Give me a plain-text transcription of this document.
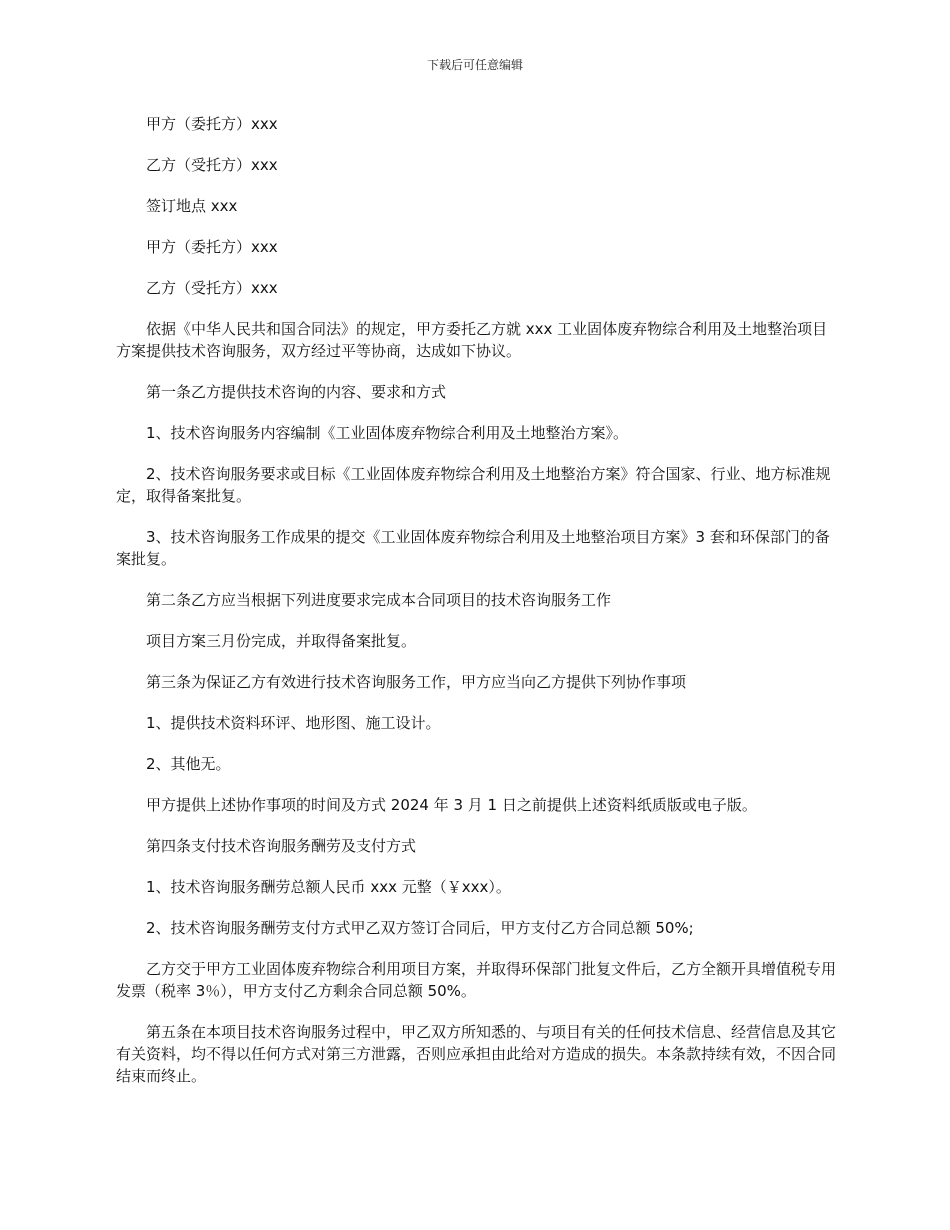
下载后可任意编辑

甲方（委托方）xxx

乙方（受托方）xxx

签订地点 xxx

甲方（委托方）xxx

乙方（受托方）xxx

依据《中华人民共和国合同法》的规定，甲方委托乙方就 xxx 工业固体废弃物综合利用及土地整治项目方案提供技术咨询服务，双方经过平等协商，达成如下协议。

第一条乙方提供技术咨询的内容、要求和方式

1、技术咨询服务内容编制《工业固体废弃物综合利用及土地整治方案》。

2、技术咨询服务要求或目标《工业固体废弃物综合利用及土地整治方案》符合国家、行业、地方标准规定，取得备案批复。

3、技术咨询服务工作成果的提交《工业固体废弃物综合利用及土地整治项目方案》3 套和环保部门的备案批复。

第二条乙方应当根据下列进度要求完成本合同项目的技术咨询服务工作

项目方案三月份完成，并取得备案批复。

第三条为保证乙方有效进行技术咨询服务工作，甲方应当向乙方提供下列协作事项

1、提供技术资料环评、地形图、施工设计。

2、其他无。

甲方提供上述协作事项的时间及方式 2024 年 3 月 1 日之前提供上述资料纸质版或电子版。

第四条支付技术咨询服务酬劳及支付方式

1、技术咨询服务酬劳总额人民币 xxx 元整（￥xxx）。

2、技术咨询服务酬劳支付方式甲乙双方签订合同后，甲方支付乙方合同总额 50%;

乙方交于甲方工业固体废弃物综合利用项目方案，并取得环保部门批复文件后，乙方全额开具增值税专用发票（税率 3％），甲方支付乙方剩余合同总额 50%。

第五条在本项目技术咨询服务过程中，甲乙双方所知悉的、与项目有关的任何技术信息、经营信息及其它有关资料，均不得以任何方式对第三方泄露，否则应承担由此给对方造成的损失。本条款持续有效，不因合同结束而终止。
